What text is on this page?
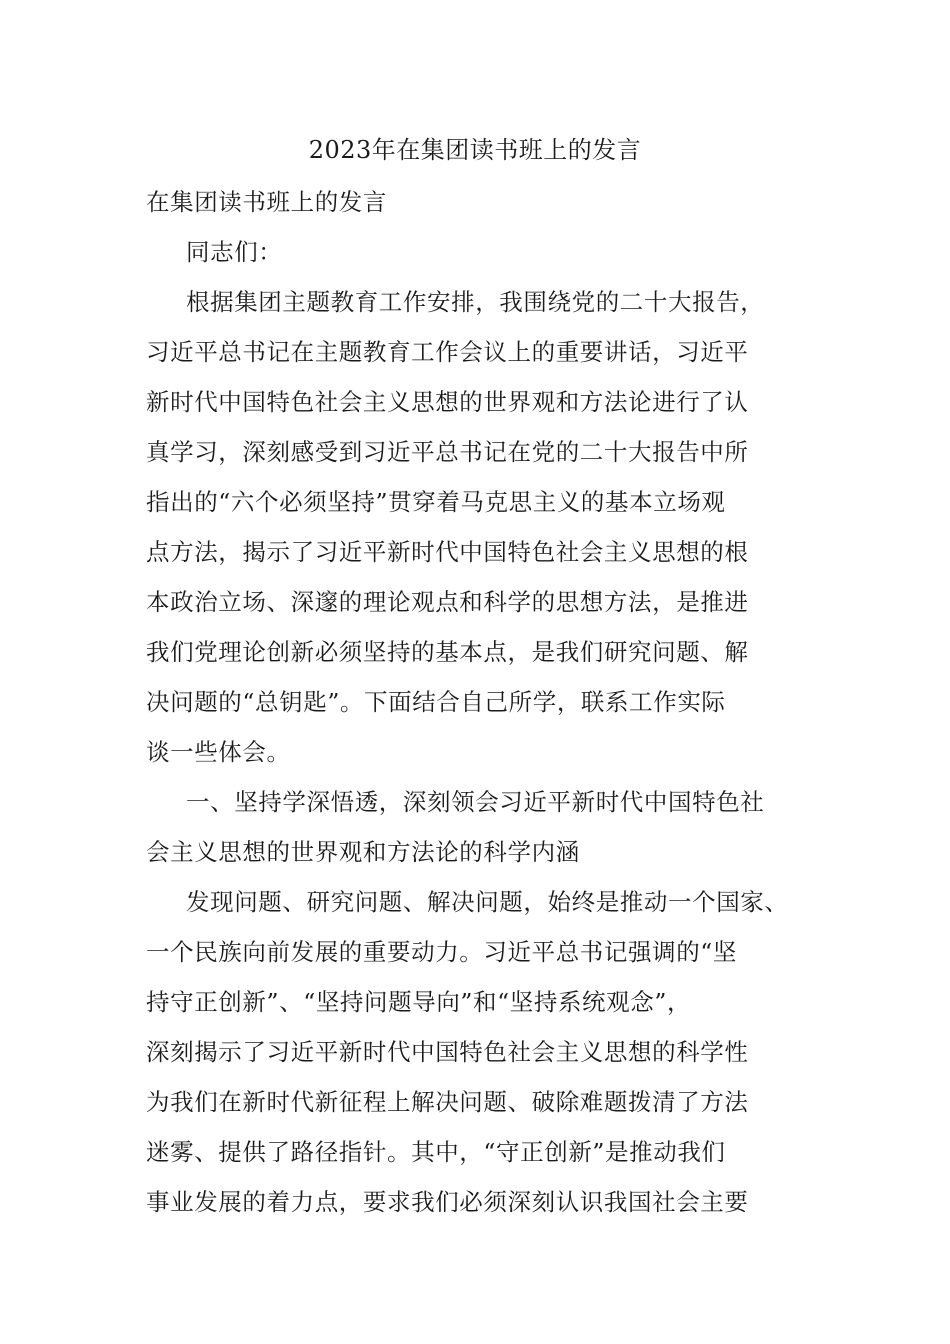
2023年在集团读书班上的发言
在集团读书班上的发言
同志们：
根据集团主题教育工作安排，我围绕党的二十大报告，
习近平总书记在主题教育工作会议上的重要讲话，习近平
新时代中国特色社会主义思想的世界观和方法论进行了认
真学习，深刻感受到习近平总书记在党的二十大报告中所
指出的“六个必须坚持”贯穿着马克思主义的基本立场观
点方法，揭示了习近平新时代中国特色社会主义思想的根
本政治立场、深邃的理论观点和科学的思想方法，是推进
我们党理论创新必须坚持的基本点，是我们研究问题、解
决问题的“总钥匙”。下面结合自己所学，联系工作实际
谈一些体会。
一、坚持学深悟透，深刻领会习近平新时代中国特色社
会主义思想的世界观和方法论的科学内涵
发现问题、研究问题、解决问题，始终是推动一个国家、
一个民族向前发展的重要动力。习近平总书记强调的“坚
持守正创新”、“坚持问题导向”和“坚持系统观念”，
深刻揭示了习近平新时代中国特色社会主义思想的科学性
为我们在新时代新征程上解决问题、破除难题拨清了方法
迷雾、提供了路径指针。其中，“守正创新”是推动我们
事业发展的着力点，要求我们必须深刻认识我国社会主要
